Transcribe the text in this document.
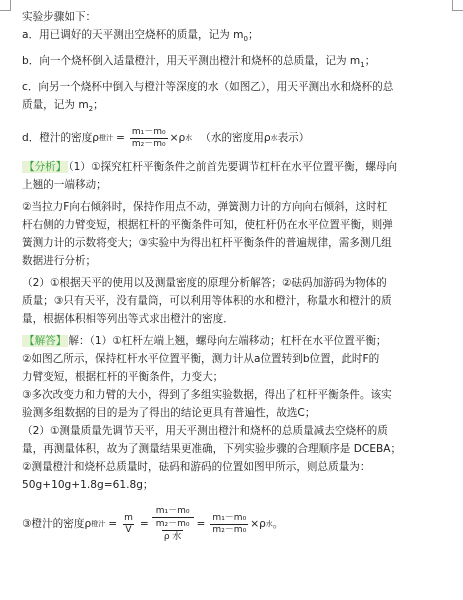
实验步骤如下：
a．用已调好的天平测出空烧杯的质量，记为 $m_0$；
b．向一个烧杯倒入适量橙汁，用天平测出橙汁和烧杯的总质量，记为 $m_1$；
c．向另一个烧杯中倒入与橙汁等深度的水（如图乙），用天平测出水和烧杯的总
质量，记为 $m_2$；
d．橙汁的密度ρ 橙汁 = $\frac{\text{m₁－m₀}}{\text{m₂－m₀}} \times\rho$ 水 （水的密度用ρ 水 表示）
【分析】 （1）①探究杠杆平衡条件之前首先要调节杠杆在水平位置平衡，螺母向
上翘的一端移动；
②当拉力F向右倾斜时，保持作用点不动，弹簧测力计的方向向右倾斜，这时杠
杆右侧的力臂变短，根据杠杆的平衡条件可知，使杠杆仍在水平位置平衡，则弹
簧测力计的示数将变大；③实验中为得出杠杆平衡条件的普遍规律，需多测几组
数据进行分析；
（2）①根据天平的使用以及测量密度的原理分析解答；②砝码加游码为物体的
质量；③只有天平，没有量筒，可以利用等体积的水和橙汁，称量水和橙汁的质
量，根据体积相等列出等式求出橙汁的密度．
【解答】 解：（1）①杠杆左端上翘，螺母向左端移动；杠杆在水平位置平衡；
②如图乙所示，保持杠杆水平位置平衡，测力计从a位置转到b位置，此时F的
力臂变短，根据杠杆的平衡条件，力变大；
③多次改变力和力臂的大小，得到了多组实验数据，得出了杠杆平衡条件。该实
验测多组数据的目的是为了得出的结论更具有普遍性，故选C；
（2）①测量质量先调节天平，用天平测出橙汁和烧杯的总质量减去空烧杯的质
量，再测量体积，故为了测量结果更准确，下列实验步骤的合理顺序是 DCEBA；
②测量橙汁和烧杯总质量时，砝码和游码的位置如图甲所示，则总质量为：
50g+10g+1.8g=61.8g；
③橙汁的密度ρ 橙汁 = $\frac{m}{V} = m_1-m_0$
m₂－m₀
ρ 水 = $\frac{\text{m₁－m₀}}{\text{m₂－m₀}} \times\rho$ 水 。
